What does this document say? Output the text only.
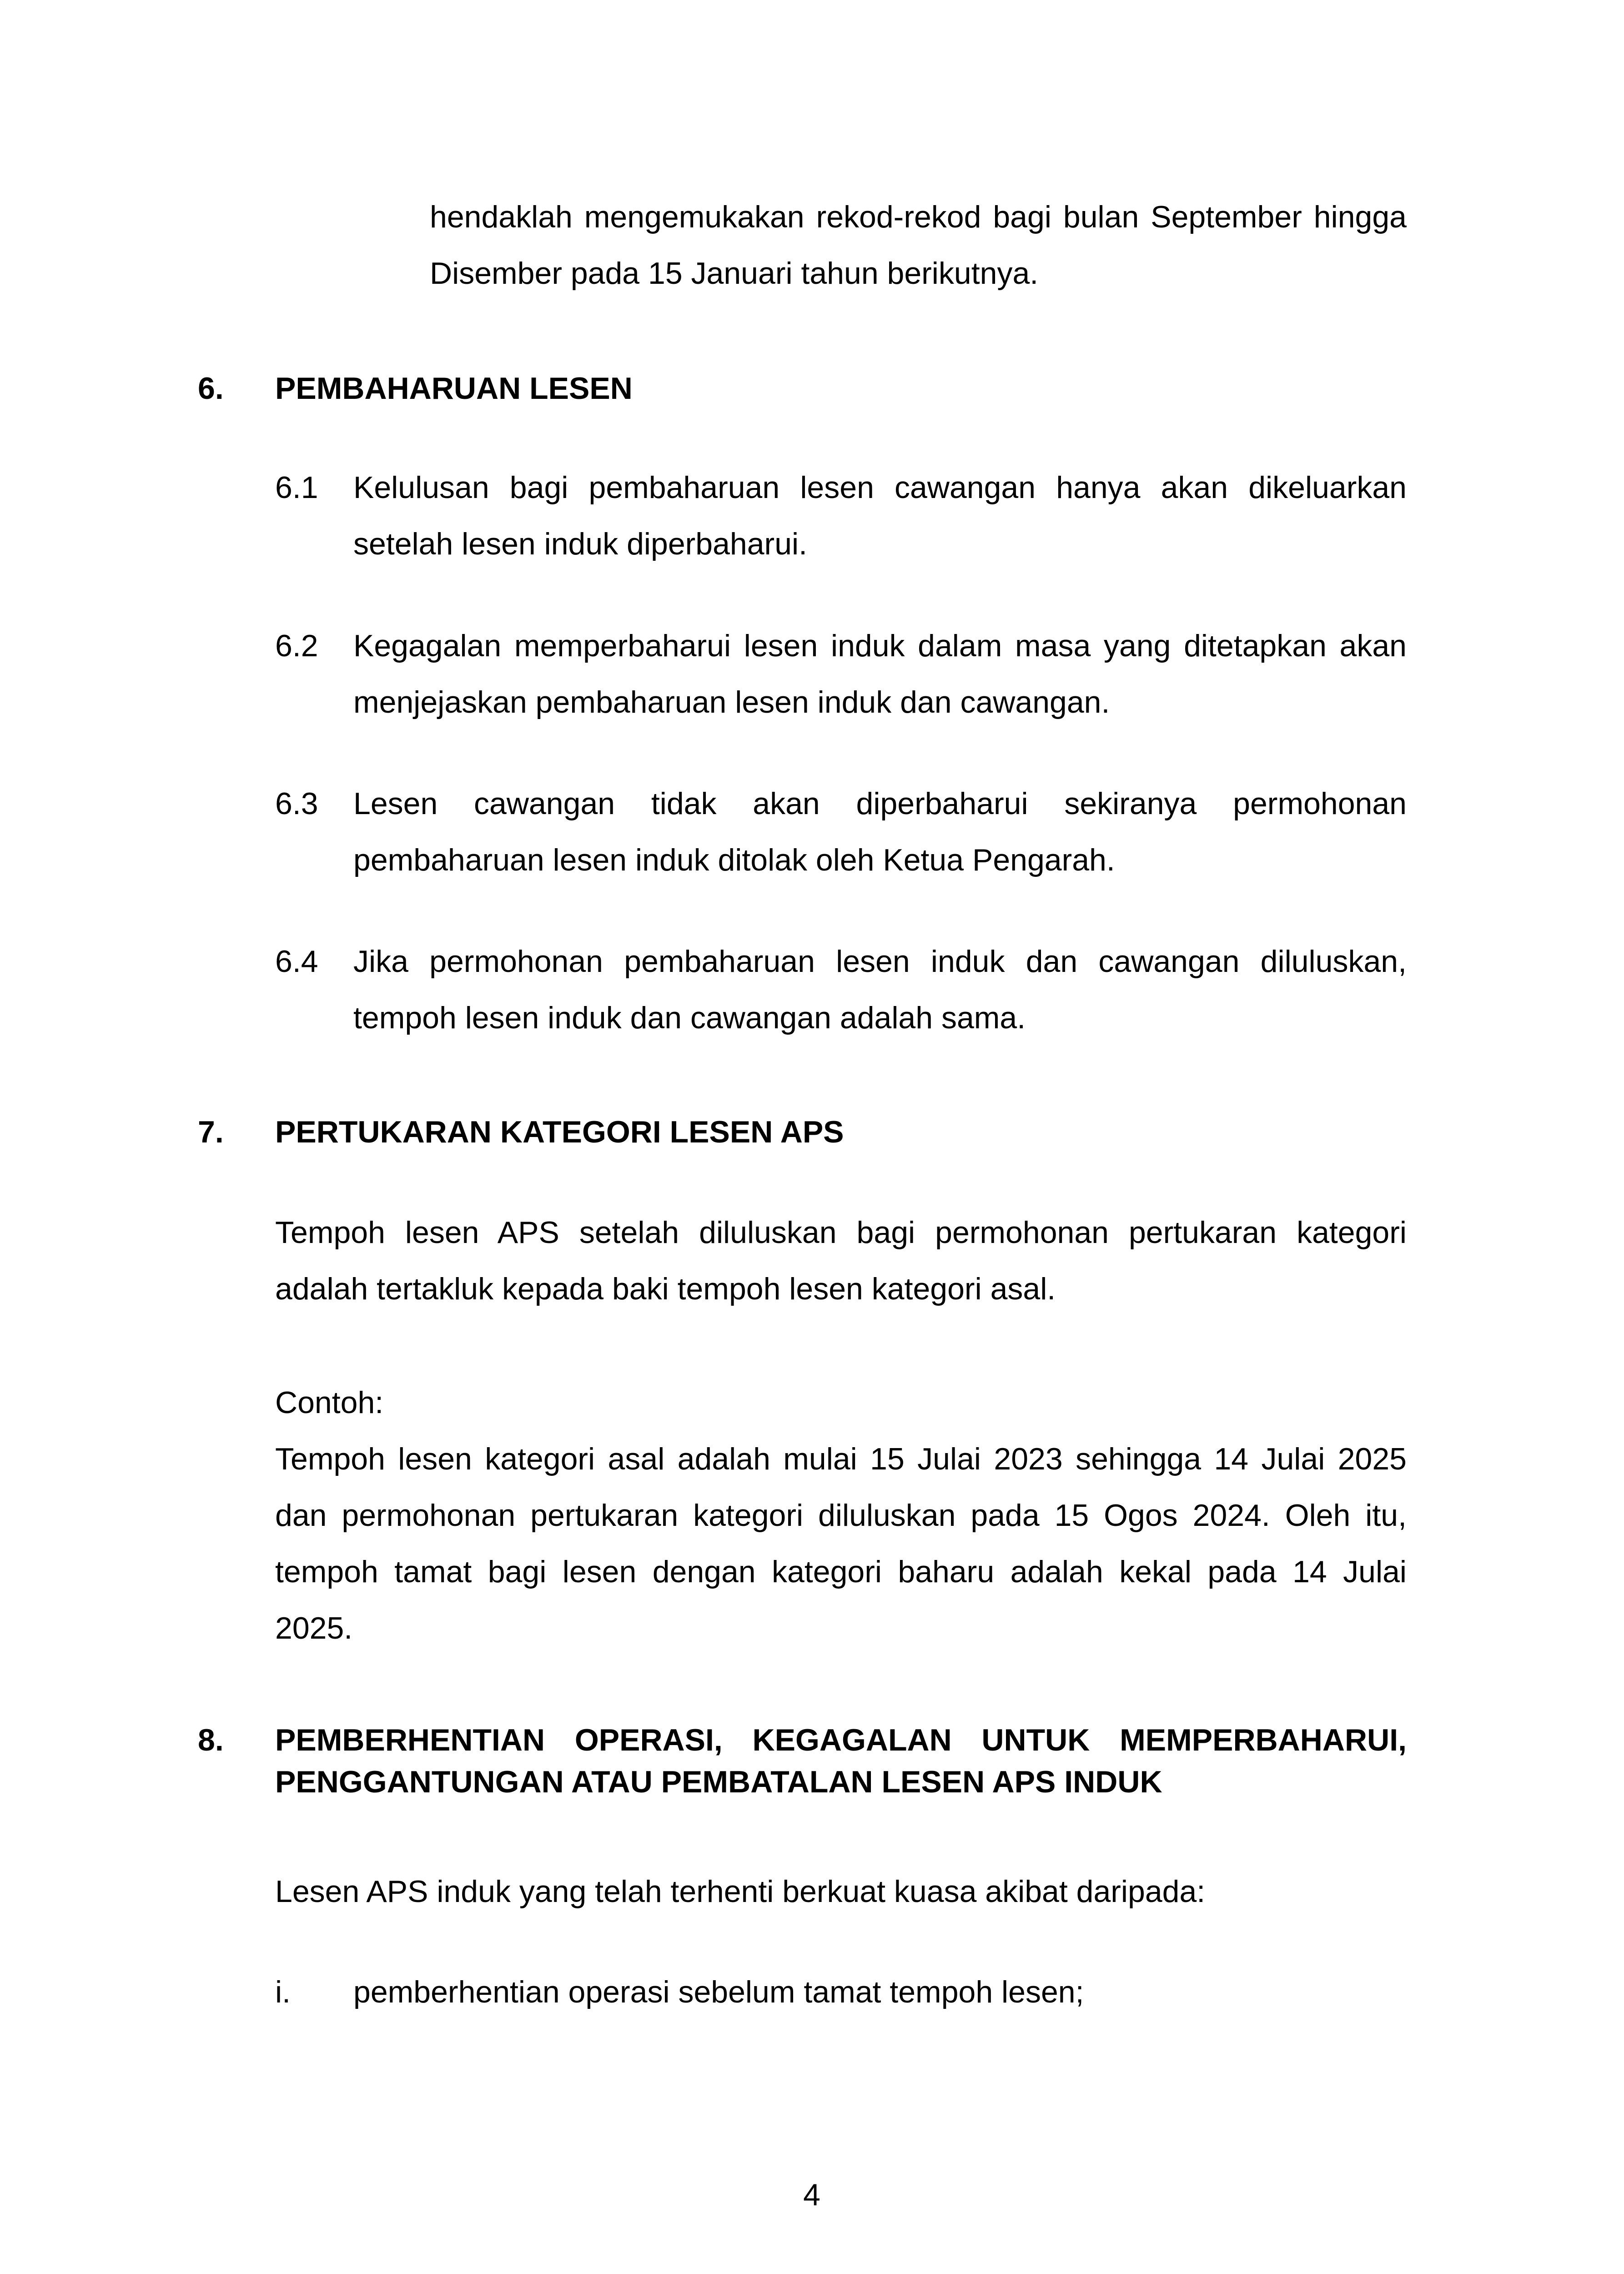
hendaklah mengemukakan rekod-rekod bagi bulan September hingga Disember pada 15 Januari tahun berikutnya.
6. PEMBAHARUAN LESEN
6.1 Kelulusan bagi pembaharuan lesen cawangan hanya akan dikeluarkan setelah lesen induk diperbaharui.
6.2 Kegagalan memperbaharui lesen induk dalam masa yang ditetapkan akan menjejaskan pembaharuan lesen induk dan cawangan.
6.3 Lesen cawangan tidak akan diperbaharui sekiranya permohonan pembaharuan lesen induk ditolak oleh Ketua Pengarah.
6.4 Jika permohonan pembaharuan lesen induk dan cawangan diluluskan, tempoh lesen induk dan cawangan adalah sama.
7. PERTUKARAN KATEGORI LESEN APS
Tempoh lesen APS setelah diluluskan bagi permohonan pertukaran kategori adalah tertakluk kepada baki tempoh lesen kategori asal.
Contoh:
Tempoh lesen kategori asal adalah mulai 15 Julai 2023 sehingga 14 Julai 2025 dan permohonan pertukaran kategori diluluskan pada 15 Ogos 2024. Oleh itu, tempoh tamat bagi lesen dengan kategori baharu adalah kekal pada 14 Julai 2025.
8. PEMBERHENTIAN OPERASI, KEGAGALAN UNTUK MEMPERBAHARUI, PENGGANTUNGAN ATAU PEMBATALAN LESEN APS INDUK
Lesen APS induk yang telah terhenti berkuat kuasa akibat daripada:
i. pemberhentian operasi sebelum tamat tempoh lesen;
4
